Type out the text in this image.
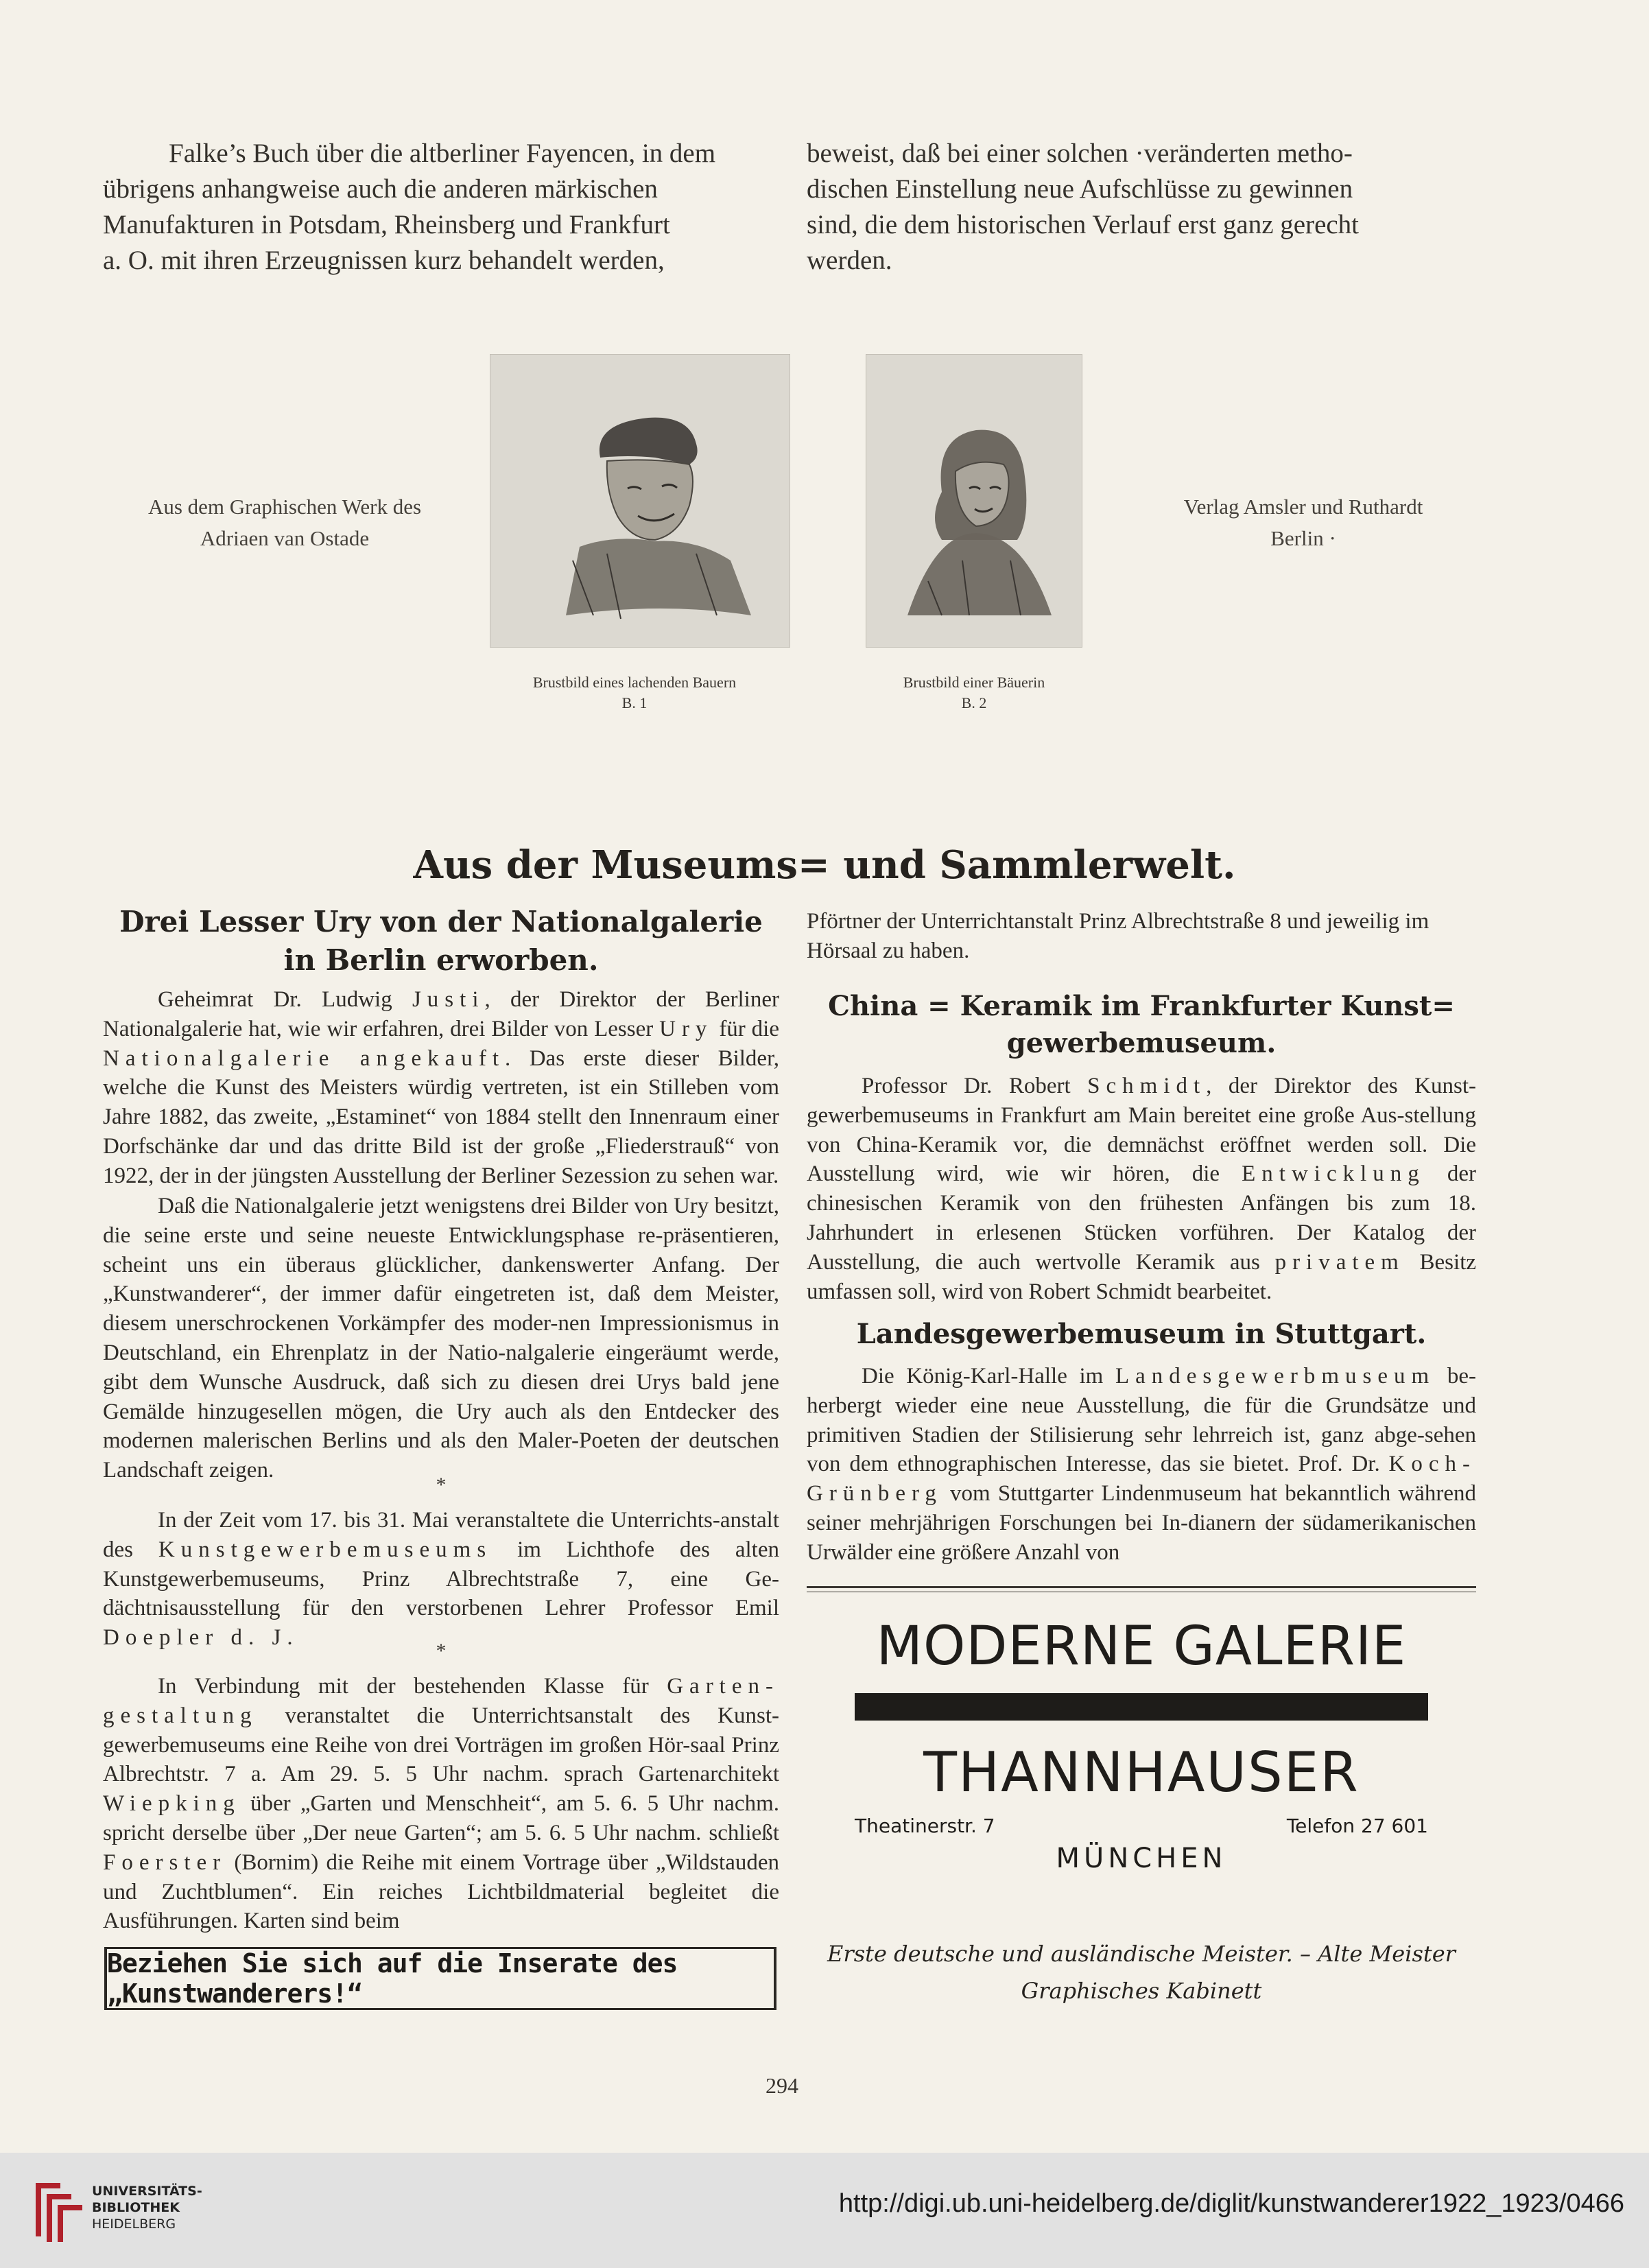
Falke’s Buch über die altberliner Fayencen, in dem
übrigens anhangweise auch die anderen märkischen
Manufakturen in Potsdam, Rheinsberg und Frankfurt
a. O. mit ihren Erzeugnissen kurz behandelt werden,
beweist, daß bei einer solchen ·veränderten metho-
dischen Einstellung neue Aufschlüsse zu gewinnen
sind, die dem historischen Verlauf erst ganz gerecht
werden.
Aus dem Graphischen Werk des
Adriaen van Ostade
Verlag Amsler und Ruthardt
Berlin ·
Brustbild eines lachenden Bauern
B. 1
Brustbild einer Bäuerin
B. 2
Aus der Museums= und Sammlerwelt.
Drei Lesser Ury von der Nationalgalerie
in Berlin erworben.
Geheimrat Dr. Ludwig Justi, der Direktor der Berliner Nationalgalerie hat, wie wir erfahren, drei Bilder von Lesser Ury für die Nationalgalerie angekauft. Das erste dieser Bilder, welche die Kunst des Meisters würdig vertreten, ist ein Stilleben vom Jahre 1882, das zweite, „Estaminet“ von 1884 stellt den Innenraum einer Dorfschänke dar und das dritte Bild ist der große „Fliederstrauß“ von 1922, der in der jüngsten Ausstellung der Berliner Sezession zu sehen war.
Daß die Nationalgalerie jetzt wenigstens drei Bilder von Ury besitzt, die seine erste und seine neueste Entwicklungsphase re-präsentieren, scheint uns ein überaus glücklicher, dankenswerter Anfang. Der „Kunstwanderer“, der immer dafür eingetreten ist, daß dem Meister, diesem unerschrockenen Vorkämpfer des moder-nen Impressionismus in Deutschland, ein Ehrenplatz in der Natio-nalgalerie eingeräumt werde, gibt dem Wunsche Ausdruck, daß sich zu diesen drei Urys bald jene Gemälde hinzugesellen mögen, die Ury auch als den Entdecker des modernen malerischen Berlins und als den Maler-Poeten der deutschen Landschaft zeigen.
*
In der Zeit vom 17. bis 31. Mai veranstaltete die Unterrichts-anstalt des Kunstgewerbemuseums im Lichthofe des alten Kunstgewerbemuseums, Prinz Albrechtstraße 7, eine Ge-dächtnisausstellung für den verstorbenen Lehrer Professor Emil Doepler d. J.
*
In Verbindung mit der bestehenden Klasse für Garten-gestaltung veranstaltet die Unterrichtsanstalt des Kunst-gewerbemuseums eine Reihe von drei Vorträgen im großen Hör-saal Prinz Albrechtstr. 7 a. Am 29. 5. 5 Uhr nachm. sprach Gartenarchitekt Wiepking über „Garten und Menschheit“, am 5. 6. 5 Uhr nachm. spricht derselbe über „Der neue Garten“; am 5. 6. 5 Uhr nachm. schließt Foerster (Bornim) die Reihe mit einem Vortrage über „Wildstauden und Zuchtblumen“. Ein reiches Lichtbildmaterial begleitet die Ausführungen. Karten sind beim
Beziehen Sie sich auf die Inserate des „Kunstwanderers!“
Pförtner der Unterrichtanstalt Prinz Albrechtstraße 8 und jeweilig im Hörsaal zu haben.
China = Keramik im Frankfurter Kunst=
gewerbemuseum.
Professor Dr. Robert Schmidt, der Direktor des Kunst-gewerbemuseums in Frankfurt am Main bereitet eine große Aus-stellung von China-Keramik vor, die demnächst eröffnet werden soll. Die Ausstellung wird, wie wir hören, die Entwicklung der chinesischen Keramik von den frühesten Anfängen bis zum 18. Jahrhundert in erlesenen Stücken vorführen. Der Katalog der Ausstellung, die auch wertvolle Keramik aus privatem Besitz umfassen soll, wird von Robert Schmidt bearbeitet.
Landesgewerbemuseum in Stuttgart.
Die König-Karl-Halle im Landesgewerbmuseum be-herbergt wieder eine neue Ausstellung, die für die Grundsätze und primitiven Stadien der Stilisierung sehr lehrreich ist, ganz abge-sehen von dem ethnographischen Interesse, das sie bietet. Prof. Dr. Koch-Grünberg vom Stuttgarter Lindenmuseum hat bekanntlich während seiner mehrjährigen Forschungen bei In-dianern der südamerikanischen Urwälder eine größere Anzahl von
MODERNE GALERIE
THANNHAUSER
Theatinerstr. 7	Telefon 27 601
MÜNCHEN
Erste deutsche und ausländische Meister. – Alte Meister
Graphisches Kabinett
294
UNIVERSITÄTS-
BIBLIOTHEK
HEIDELBERG
http://digi.ub.uni-heidelberg.de/diglit/kunstwanderer1922_1923/0466
